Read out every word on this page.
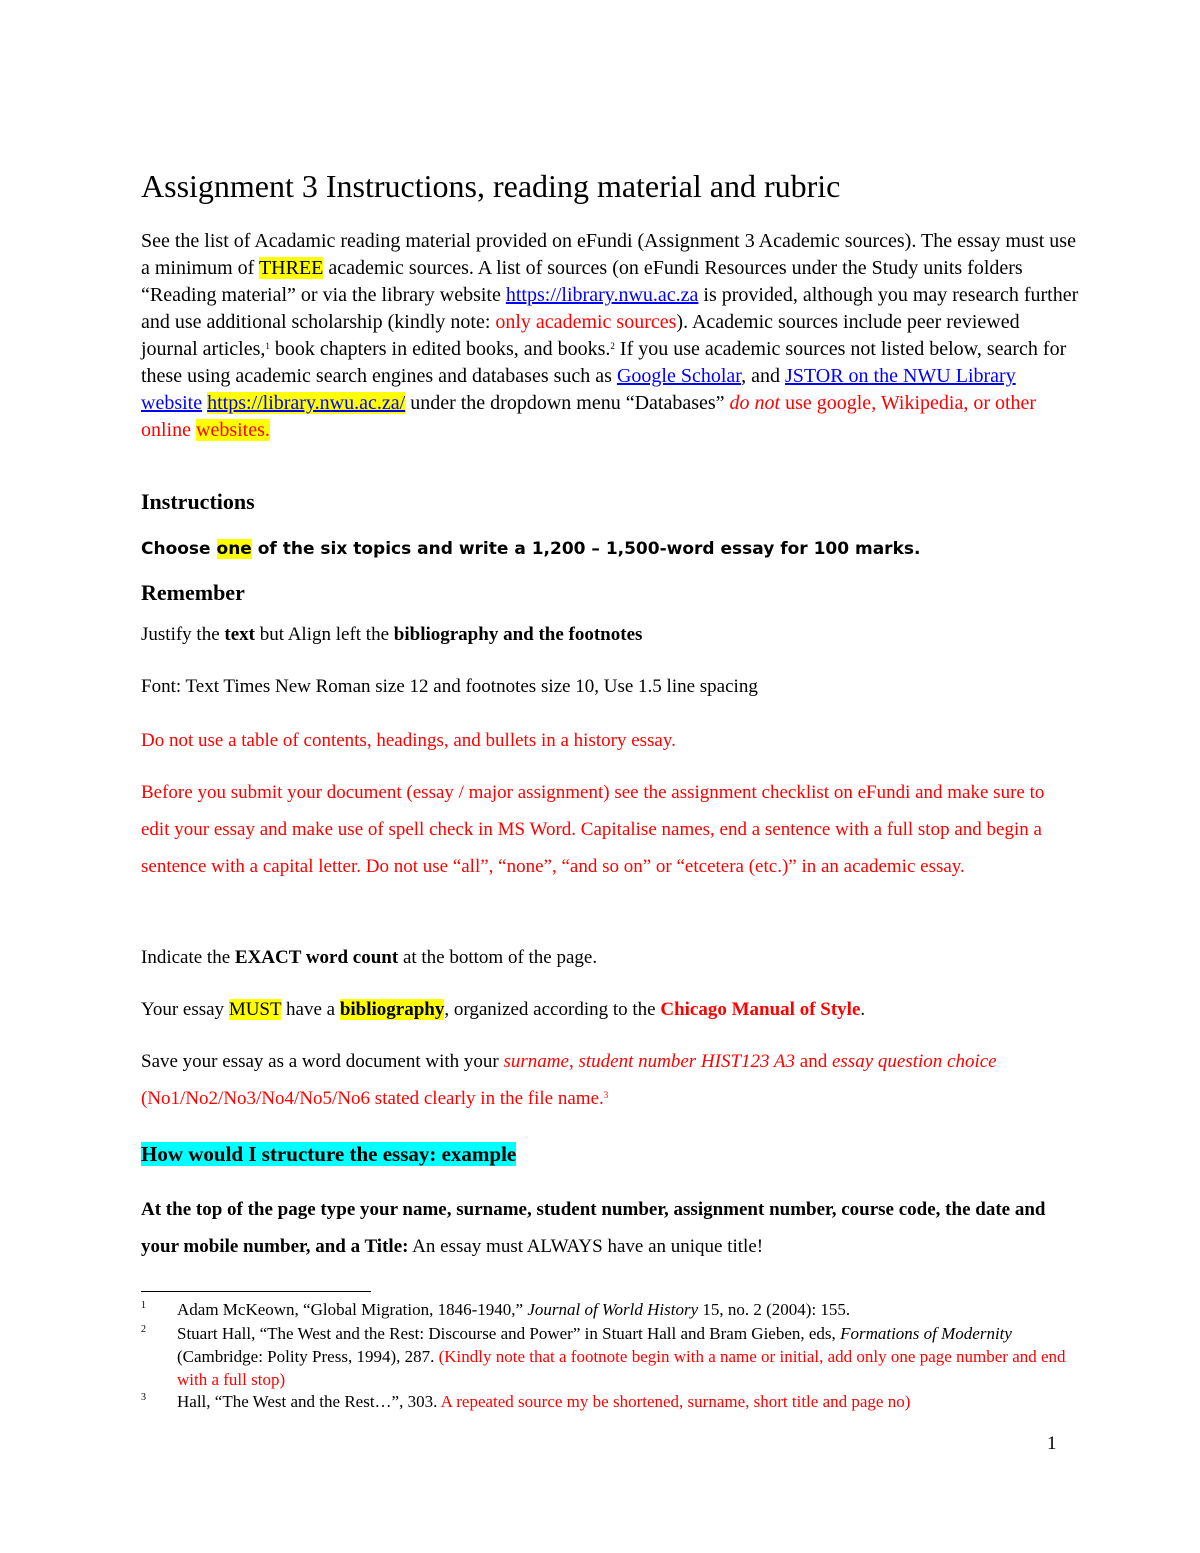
Assignment 3 Instructions, reading material and rubric

See the list of Acadamic reading material provided on eFundi (Assignment 3 Academic sources). The essay must use a minimum of THREE academic sources. A list of sources (on eFundi Resources under the Study units folders “Reading material” or via the library website https://library.nwu.ac.za is provided, although you may research further and use additional scholarship (kindly note: only academic sources). Academic sources include peer reviewed journal articles,$^1$ book chapters in edited books, and books.$^2$ If you use academic sources not listed below, search for these using academic search engines and databases such as Google Scholar, and JSTOR on the NWU Library website https://library.nwu.ac.za/ under the dropdown menu “Databases” do not use google, Wikipedia, or other online websites.

Instructions

Choose one of the six topics and write a 1,200 – 1,500-word essay for 100 marks.

Remember

Justify the text but Align left the bibliography and the footnotes

Font: Text Times New Roman size 12 and footnotes size 10, Use 1.5 line spacing

Do not use a table of contents, headings, and bullets in a history essay.

Before you submit your document (essay / major assignment) see the assignment checklist on eFundi and make sure to edit your essay and make use of spell check in MS Word. Capitalise names, end a sentence with a full stop and begin a sentence with a capital letter. Do not use “all”, “none”, “and so on” or “etcetera (etc.)” in an academic essay.

Indicate the EXACT word count at the bottom of the page.

Your essay MUST have a bibliography, organized according to the Chicago Manual of Style.

Save your essay as a word document with your surname, student number HIST123 A3 and essay question choice (No1/No2/No3/No4/No5/No6 stated clearly in the file name.$^3$

How would I structure the essay: example

At the top of the page type your name, surname, student number, assignment number, course code, the date and your mobile number, and a Title: An essay must ALWAYS have an unique title!

1 Adam McKeown, “Global Migration, 1846-1940,” Journal of World History 15, no. 2 (2004): 155.

2 Stuart Hall, “The West and the Rest: Discourse and Power” in Stuart Hall and Bram Gieben, eds, Formations of Modernity (Cambridge: Polity Press, 1994), 287. (Kindly note that a footnote begin with a name or initial, add only one page number and end with a full stop)

3 Hall, “The West and the Rest…”, 303. A repeated source my be shortened, surname, short title and page no)

1
